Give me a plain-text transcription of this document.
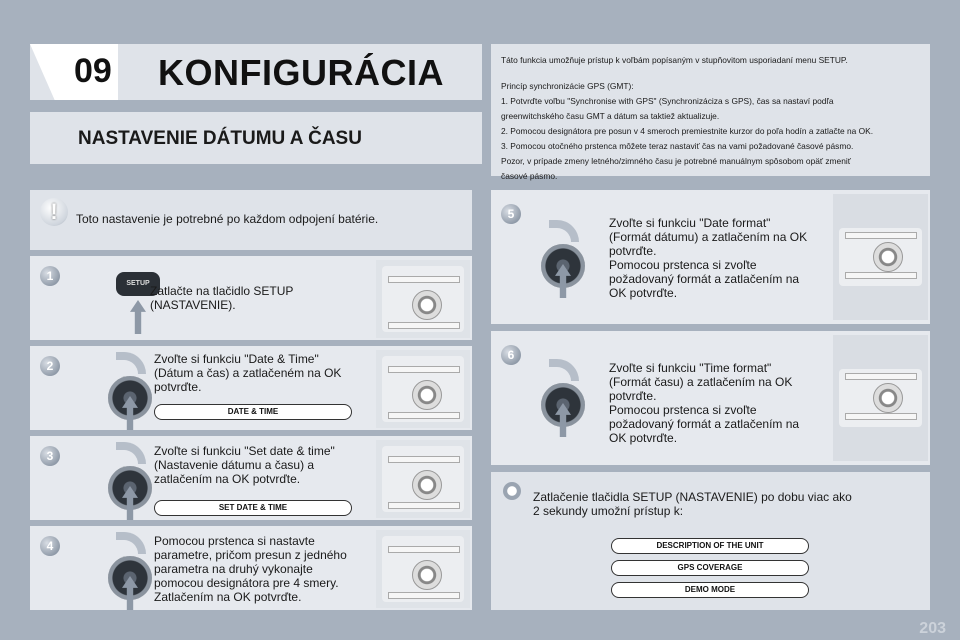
09 KONFIGURÁCIA
NASTAVENIE DÁTUMU A ČASU
Táto funkcia umožňuje prístup k voľbám popísaným v stupňovitom usporiadaní menu SETUP.
Princíp synchronizácie GPS (GMT):
1. Potvrďte voľbu "Synchronise with GPS" (Synchronizáciza s GPS), čas sa nastaví podľa
greenwitchského času GMT a dátum sa taktiež aktualizuje.
2. Pomocou designátora pre posun v 4 smeroch premiestnite kurzor do poľa hodín a zatlačte na OK.
3. Pomocou otočného prstenca môžete teraz nastaviť čas na vami požadované časové pásmo.
Pozor, v prípade zmeny letného/zimného času je potrebné manuálnym spôsobom opäť zmeniť
časové pásmo.
!	Toto nastavenie je potrebné po každom odpojení batérie.
1
SETUP
Zatlačte na tlačidlo SETUP
(NASTAVENIE).
2	Zvoľte si funkciu "Date & Time"
(Dátum a čas) a zatlačeném na OK
potvrďte.
DATE & TIME
3	Zvoľte si funkciu "Set date & time"
(Nastavenie dátumu a času) a
zatlačením na OK potvrďte.
SET DATE & TIME
4	Pomocou prstenca si nastavte
parametre, pričom presun z jedného
parametra na druhý vykonajte
pomocou designátora pre 4 smery.
Zatlačením na OK potvrďte.
5
Zvoľte si funkciu "Date format"
(Formát dátumu) a zatlačením na OK
potvrďte.
Pomocou prstenca si zvoľte
požadovaný formát a zatlačením na
OK potvrďte.
6
Zvoľte si funkciu "Time format"
(Formát času) a zatlačením na OK
potvrďte.
Pomocou prstenca si zvoľte
požadovaný formát a zatlačením na
OK potvrďte.
Zatlačenie tlačidla SETUP (NASTAVENIE) po dobu viac ako
2 sekundy umožní prístup k:
DESCRIPTION OF THE UNIT
GPS COVERAGE
DEMO MODE
203
